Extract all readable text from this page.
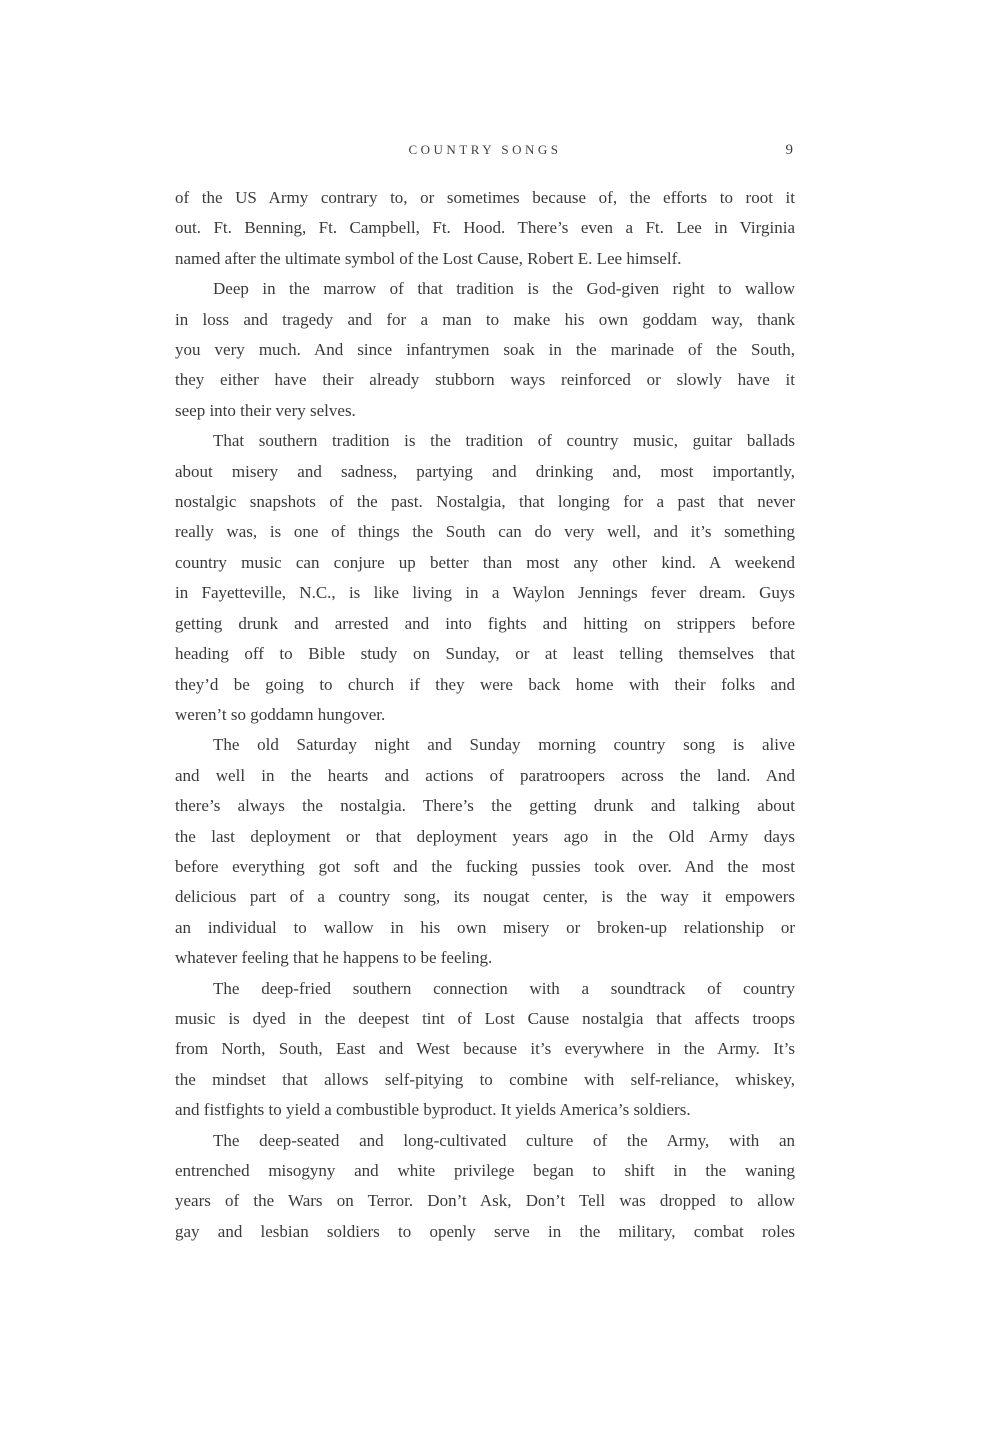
COUNTRY SONGS	9
of the US Army contrary to, or sometimes because of, the efforts to root it
out. Ft. Benning, Ft. Campbell, Ft. Hood. There’s even a Ft. Lee in Virginia
named after the ultimate symbol of the Lost Cause, Robert E. Lee himself.
Deep in the marrow of that tradition is the God-given right to wallow
in loss and tragedy and for a man to make his own goddam way, thank
you very much. And since infantrymen soak in the marinade of the South,
they either have their already stubborn ways reinforced or slowly have it
seep into their very selves.
That southern tradition is the tradition of country music, guitar ballads
about misery and sadness, partying and drinking and, most importantly,
nostalgic snapshots of the past. Nostalgia, that longing for a past that never
really was, is one of things the South can do very well, and it’s something
country music can conjure up better than most any other kind. A weekend
in Fayetteville, N.C., is like living in a Waylon Jennings fever dream. Guys
getting drunk and arrested and into fights and hitting on strippers before
heading off to Bible study on Sunday, or at least telling themselves that
they’d be going to church if they were back home with their folks and
weren’t so goddamn hungover.
The old Saturday night and Sunday morning country song is alive
and well in the hearts and actions of paratroopers across the land. And
there’s always the nostalgia. There’s the getting drunk and talking about
the last deployment or that deployment years ago in the Old Army days
before everything got soft and the fucking pussies took over. And the most
delicious part of a country song, its nougat center, is the way it empowers
an individual to wallow in his own misery or broken-up relationship or
whatever feeling that he happens to be feeling.
The deep-fried southern connection with a soundtrack of country
music is dyed in the deepest tint of Lost Cause nostalgia that affects troops
from North, South, East and West because it’s everywhere in the Army. It’s
the mindset that allows self-pitying to combine with self-reliance, whiskey,
and fistfights to yield a combustible byproduct. It yields America’s soldiers.
The deep-seated and long-cultivated culture of the Army, with an
entrenched misogyny and white privilege began to shift in the waning
years of the Wars on Terror. Don’t Ask, Don’t Tell was dropped to allow
gay and lesbian soldiers to openly serve in the military, combat roles
